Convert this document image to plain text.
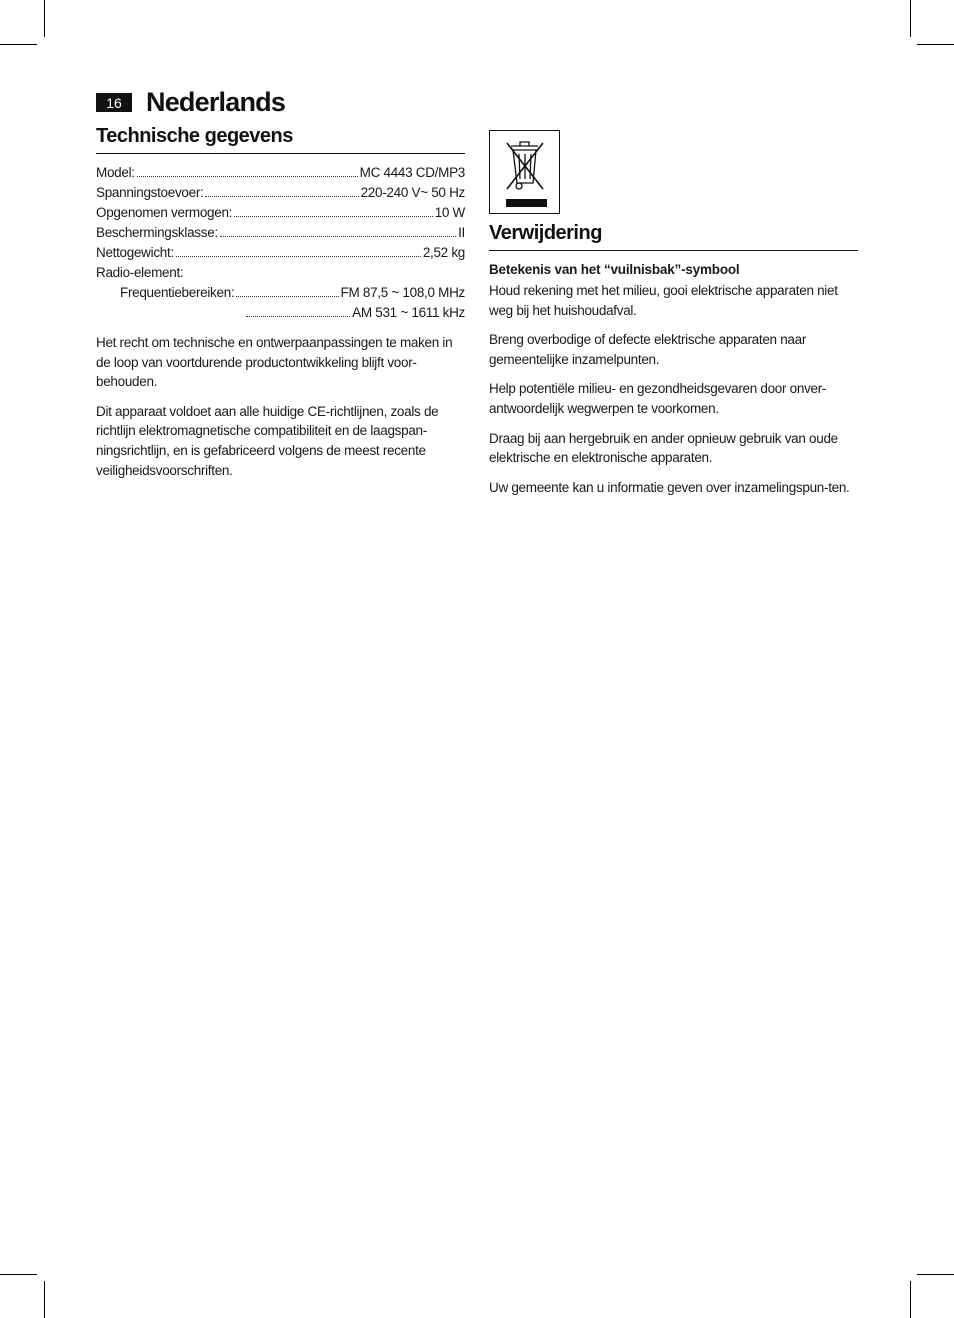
16 Nederlands
Technische gegevens
Model:	MC 4443 CD/MP3
Spanningstoevoer:	220-240 V~ 50 Hz
Opgenomen vermogen:	10 W
Beschermingsklasse:	II
Nettogewicht:	2,52 kg
Radio-element:
Frequentiebereiken:	FM 87,5 ~ 108,0 MHz
AM 531 ~ 1611 kHz

Het recht om technische en ontwerpaanpassingen te maken in de loop van voortdurende productontwikkeling blijft voor-behouden.

Dit apparaat voldoet aan alle huidige CE-richtlijnen, zoals de richtlijn elektromagnetische compatibiliteit en de laagspan-ningsrichtlijn, en is gefabriceerd volgens de meest recente veiligheidsvoorschriften.

Verwijdering
Betekenis van het “vuilnisbak”-symbool

Houd rekening met het milieu, gooi elektrische apparaten niet weg bij het huishoudafval.

Breng overbodige of defecte elektrische apparaten naar gemeentelijke inzamelpunten.

Help potentiële milieu- en gezondheidsgevaren door onver-antwoordelijk wegwerpen te voorkomen.

Draag bij aan hergebruik en ander opnieuw gebruik van oude elektrische en elektronische apparaten.

Uw gemeente kan u informatie geven over inzamelingspun-ten.
